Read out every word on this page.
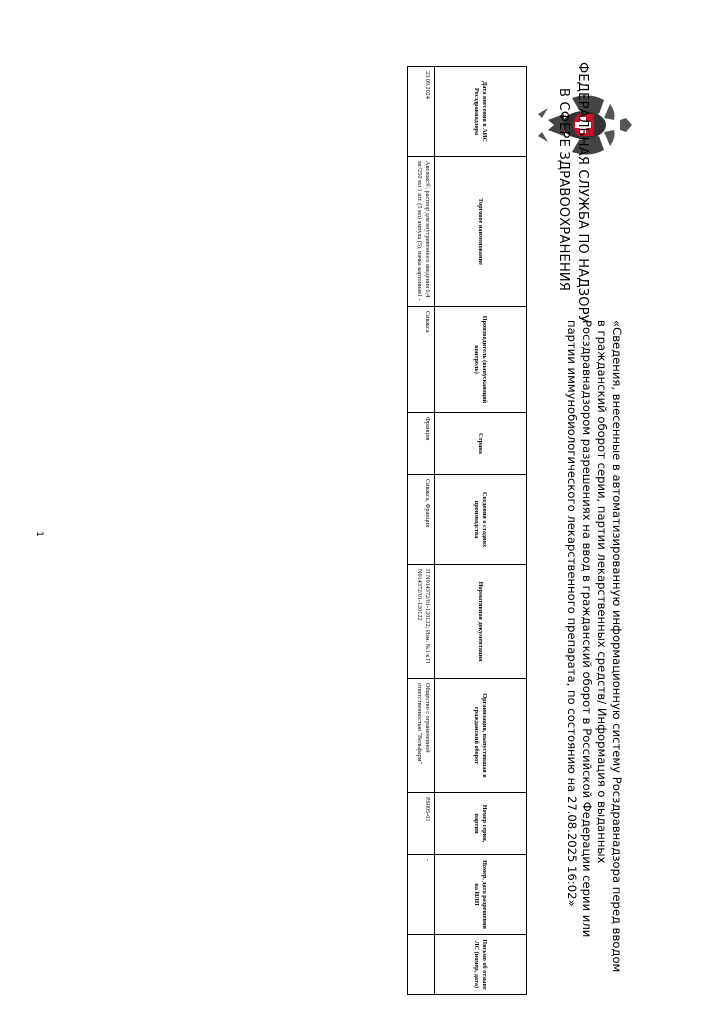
ФЕДЕРАЛЬНАЯ СЛУЖБА ПО НАДЗОРУ
В СФЕРЕ ЗДРАВООХРАНЕНИЯ
«Сведения, внесенные в автоматизированную информационную систему Росздравнадзора перед вводом в гражданский оборот серии, партии лекарственных средств/ Информация о выданных Росздравнадзором разрешениях на ввод в гражданский оборот в Российской Федерации серии или партии иммунобиологического лекарственного препарата, по состоянию на 27.08.2025 16:02»
Дата внесения в АИС Росздравнадзора	Торговое наименование	Производитель (выпускающий контроль)	Страна	Сведения о стадиях производства	Нормативная документация	Организация, выпустившая в гражданский оборот	Номер серии, партии	Номер, дата разрешения на ИЛП	Письмо об отзыве ЛС (номер, дата)
23.09.2024	Авелокс®, раствор для внутривенного введения 0,4 мг/250 мл 1 шт. (5 мл) ампула (5), пачка картонная1 -	Сивакса	Франция	Сивакса, Франция	П N014372/01-120122; Изм. №1 к П N014372/01-120122	Общество с ограниченной ответственностью "Вельфарм"	PS005-01	-	
1
